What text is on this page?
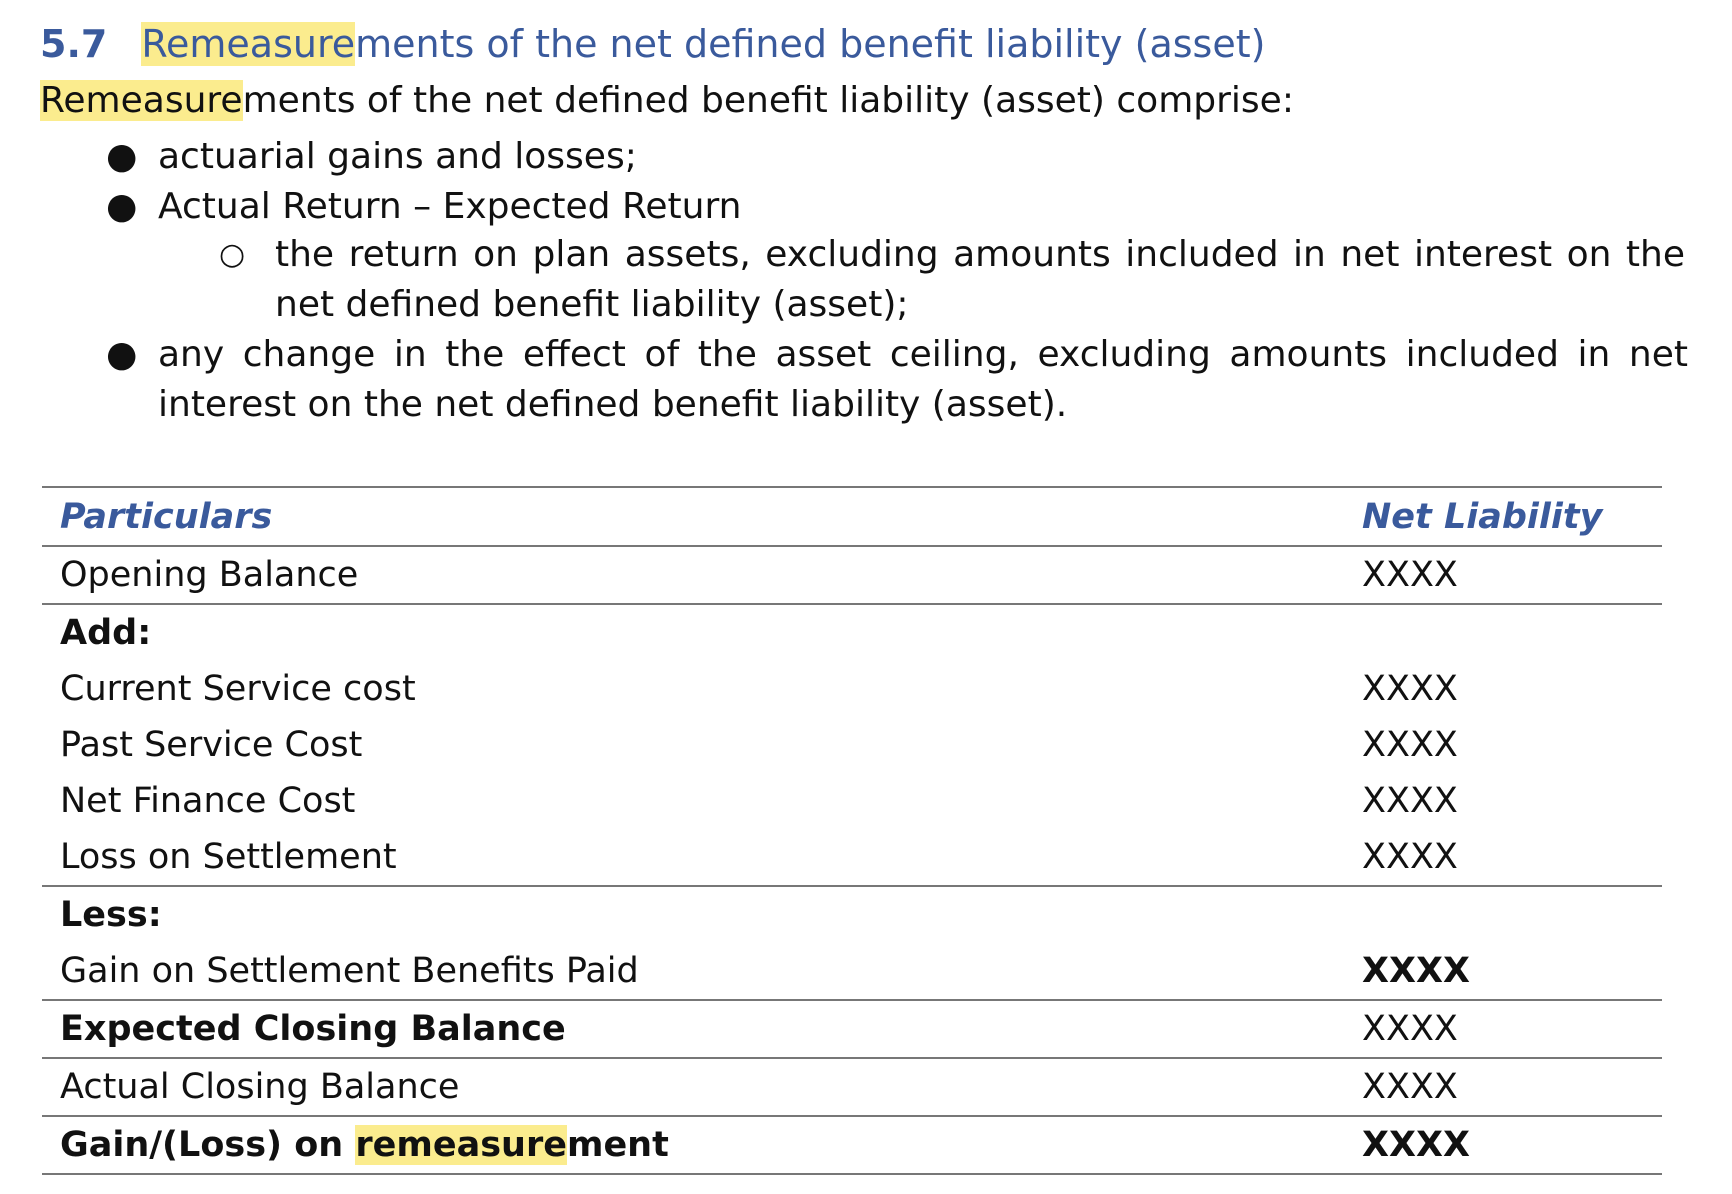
5.7 Remeasurements of the net defined benefit liability (asset)
Remeasurements of the net defined benefit liability (asset) comprise:
● actuarial gains and losses;
● Actual Return – Expected Return
○ the return on plan assets, excluding amounts included in net interest on the net defined benefit liability (asset);
● any change in the effect of the asset ceiling, excluding amounts included in net interest on the net defined benefit liability (asset).
Particulars	Net Liability
Opening Balance	XXXX
Add:	
Current Service cost	XXXX
Past Service Cost	XXXX
Net Finance Cost	XXXX
Loss on Settlement	XXXX
Less:	
Gain on Settlement Benefits Paid	XXXX
Expected Closing Balance	XXXX
Actual Closing Balance	XXXX
Gain/(Loss) on remeasurement	XXXX
